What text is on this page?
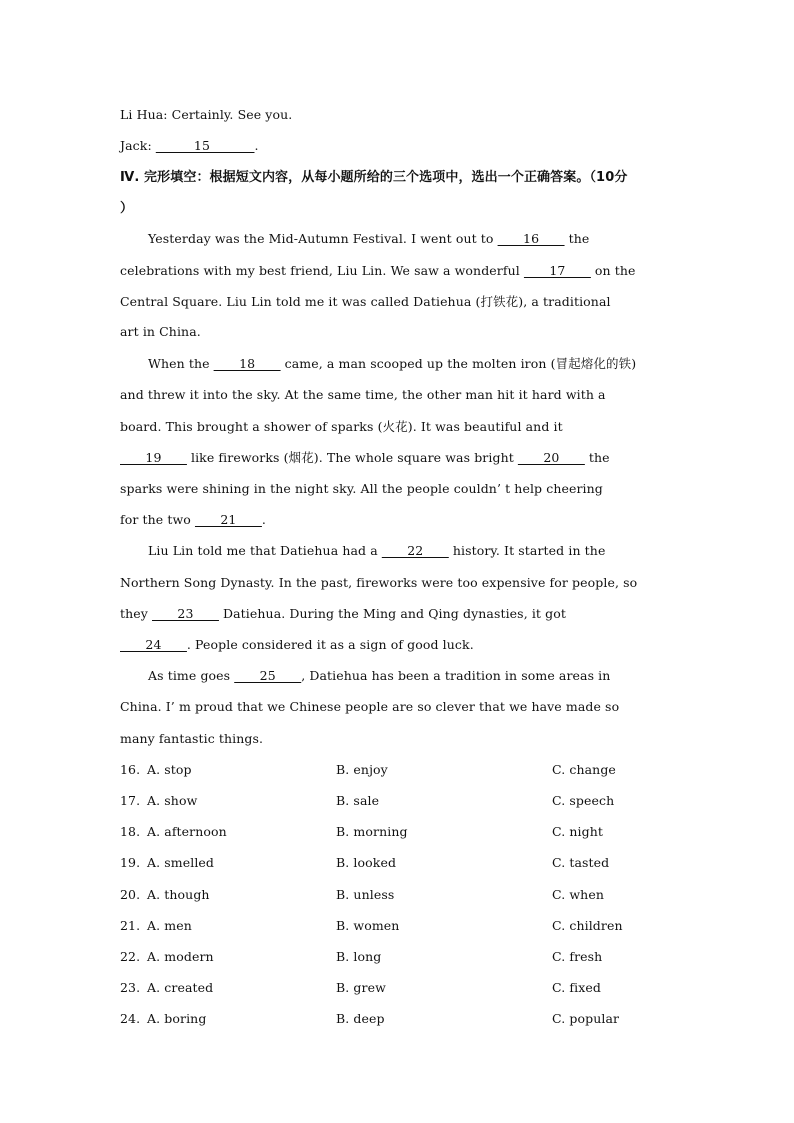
Li Hua: Certainly. See you.
Jack: ______15_______.
Ⅳ. 完形填空：根据短文内容，从每小题所给的三个选项中，选出一个正确答案。（10分
）
Yesterday was the Mid-Autumn Festival. I went out to ____16____ the
celebrations with my best friend, Liu Lin. We saw a wonderful ____17____ on the
Central Square. Liu Lin told me it was called Datiehua (打铁花), a traditional
art in China.
When the ____18____ came, a man scooped up the molten iron (冒起熔化的铁)
and threw it into the sky. At the same time, the other man hit it hard with a
board. This brought a shower of sparks (火花). It was beautiful and it
____19____ like fireworks (烟花). The whole square was bright ____20____ the
sparks were shining in the night sky. All the people couldn’ t help cheering
for the two ____21____.
Liu Lin told me that Datiehua had a ____22____ history. It started in the
Northern Song Dynasty. In the past, fireworks were too expensive for people, so
they ____23____ Datiehua. During the Ming and Qing dynasties, it got
____24____. People considered it as a sign of good luck.
As time goes ____25____, Datiehua has been a tradition in some areas in
China. I’ m proud that we Chinese people are so clever that we have made so
many fantastic things.
16. A. stop	B. enjoy	C. change
17. A. show	B. sale	C. speech
18. A. afternoon	B. morning	C. night
19. A. smelled	B. looked	C. tasted
20. A. though	B. unless	C. when
21. A. men	B. women	C. children
22. A. modern	B. long	C. fresh
23. A. created	B. grew	C. fixed
24. A. boring	B. deep	C. popular
